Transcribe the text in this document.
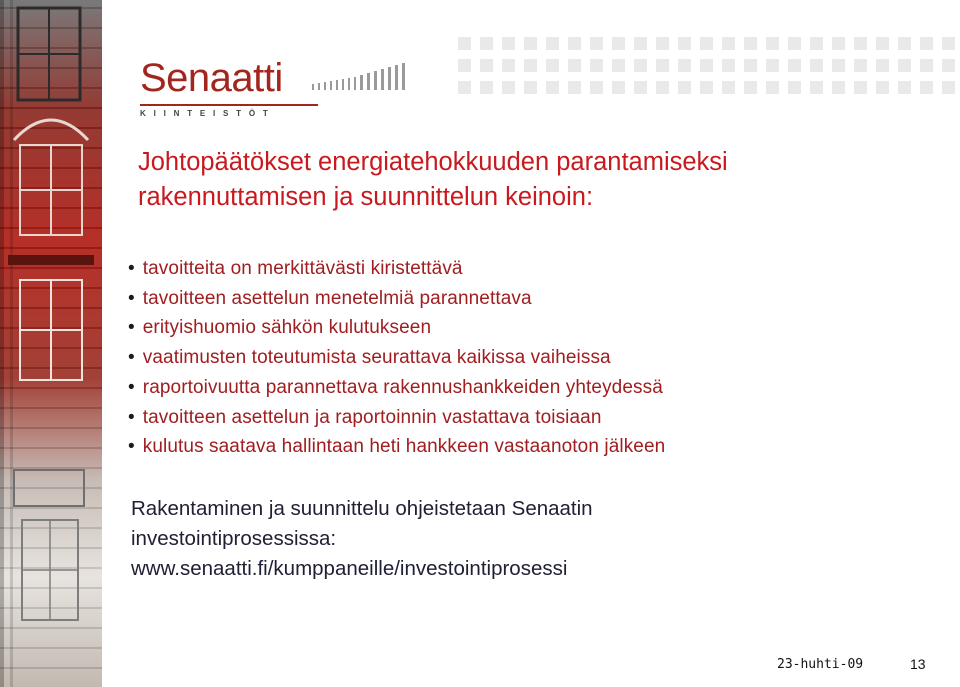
Senaatti

KIINTEISTÖT
Johtopäätökset energiatehokkuuden parantamiseksi
rakennuttamisen ja suunnittelun keinoin:
• tavoitteita on merkittävästi kiristettävä
• tavoitteen asettelun menetelmiä parannettava
• erityishuomio sähkön kulutukseen
• vaatimusten toteutumista seurattava kaikissa vaiheissa
• raportoivuutta parannettava rakennushankkeiden yhteydessä
• tavoitteen asettelun ja raportoinnin vastattava toisiaan
• kulutus saatava hallintaan heti hankkeen vastaanoton jälkeen

Rakentaminen ja suunnittelu ohjeistetaan Senaatin
investointiprosessissa:
www.senaatti.fi/kumppaneille/investointiprosessi

23-huhti-09	13
